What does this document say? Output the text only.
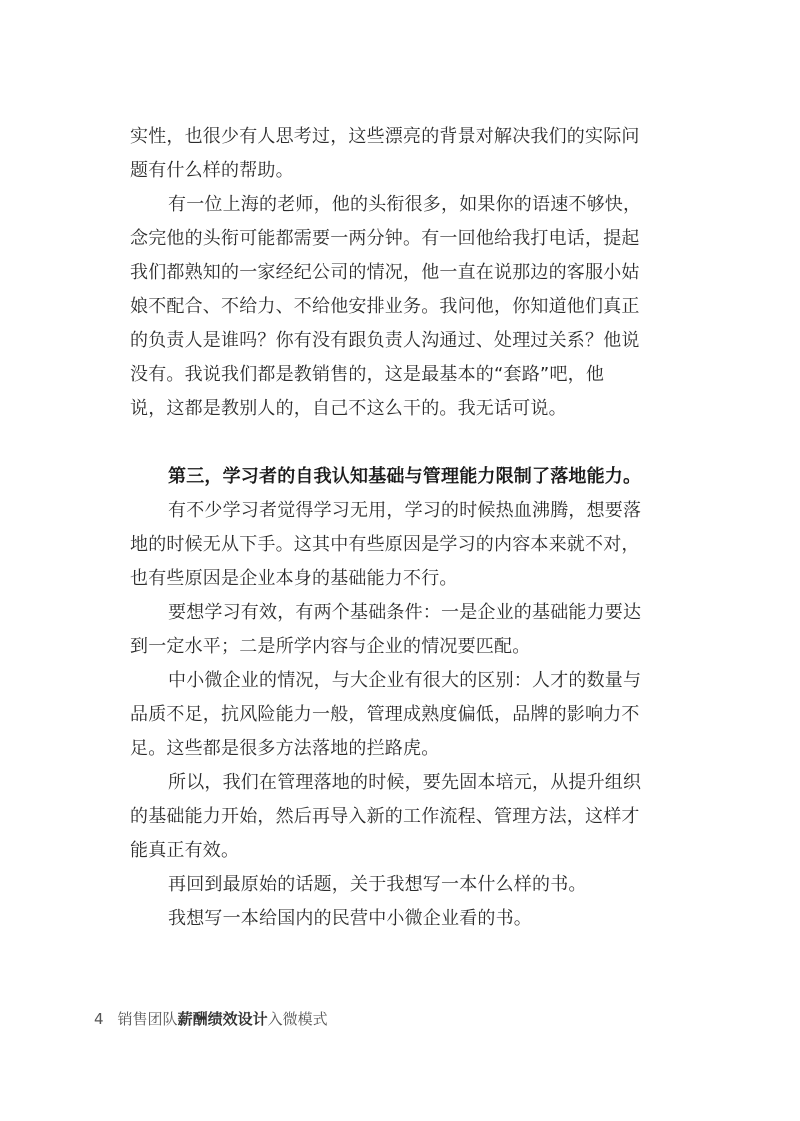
实性，也很少有人思考过，这些漂亮的背景对解决我们的实际问
题有什么样的帮助。
有一位上海的老师，他的头衔很多，如果你的语速不够快，
念完他的头衔可能都需要一两分钟。有一回他给我打电话，提起
我们都熟知的一家经纪公司的情况，他一直在说那边的客服小姑
娘不配合、不给力、不给他安排业务。我问他，你知道他们真正
的负责人是谁吗？你有没有跟负责人沟通过、处理过关系？他说
没有。我说我们都是教销售的，这是最基本的“套路”吧，他
说，这都是教别人的，自己不这么干的。我无话可说。
第三，学习者的自我认知基础与管理能力限制了落地能力。
有不少学习者觉得学习无用，学习的时候热血沸腾，想要落
地的时候无从下手。这其中有些原因是学习的内容本来就不对，
也有些原因是企业本身的基础能力不行。
要想学习有效，有两个基础条件：一是企业的基础能力要达
到一定水平；二是所学内容与企业的情况要匹配。
中小微企业的情况，与大企业有很大的区别：人才的数量与
品质不足，抗风险能力一般，管理成熟度偏低，品牌的影响力不
足。这些都是很多方法落地的拦路虎。
所以，我们在管理落地的时候，要先固本培元，从提升组织
的基础能力开始，然后再导入新的工作流程、管理方法，这样才
能真正有效。
再回到最原始的话题，关于我想写一本什么样的书。
我想写一本给国内的民营中小微企业看的书。
4 销售团队薪酬绩效设计入微模式
